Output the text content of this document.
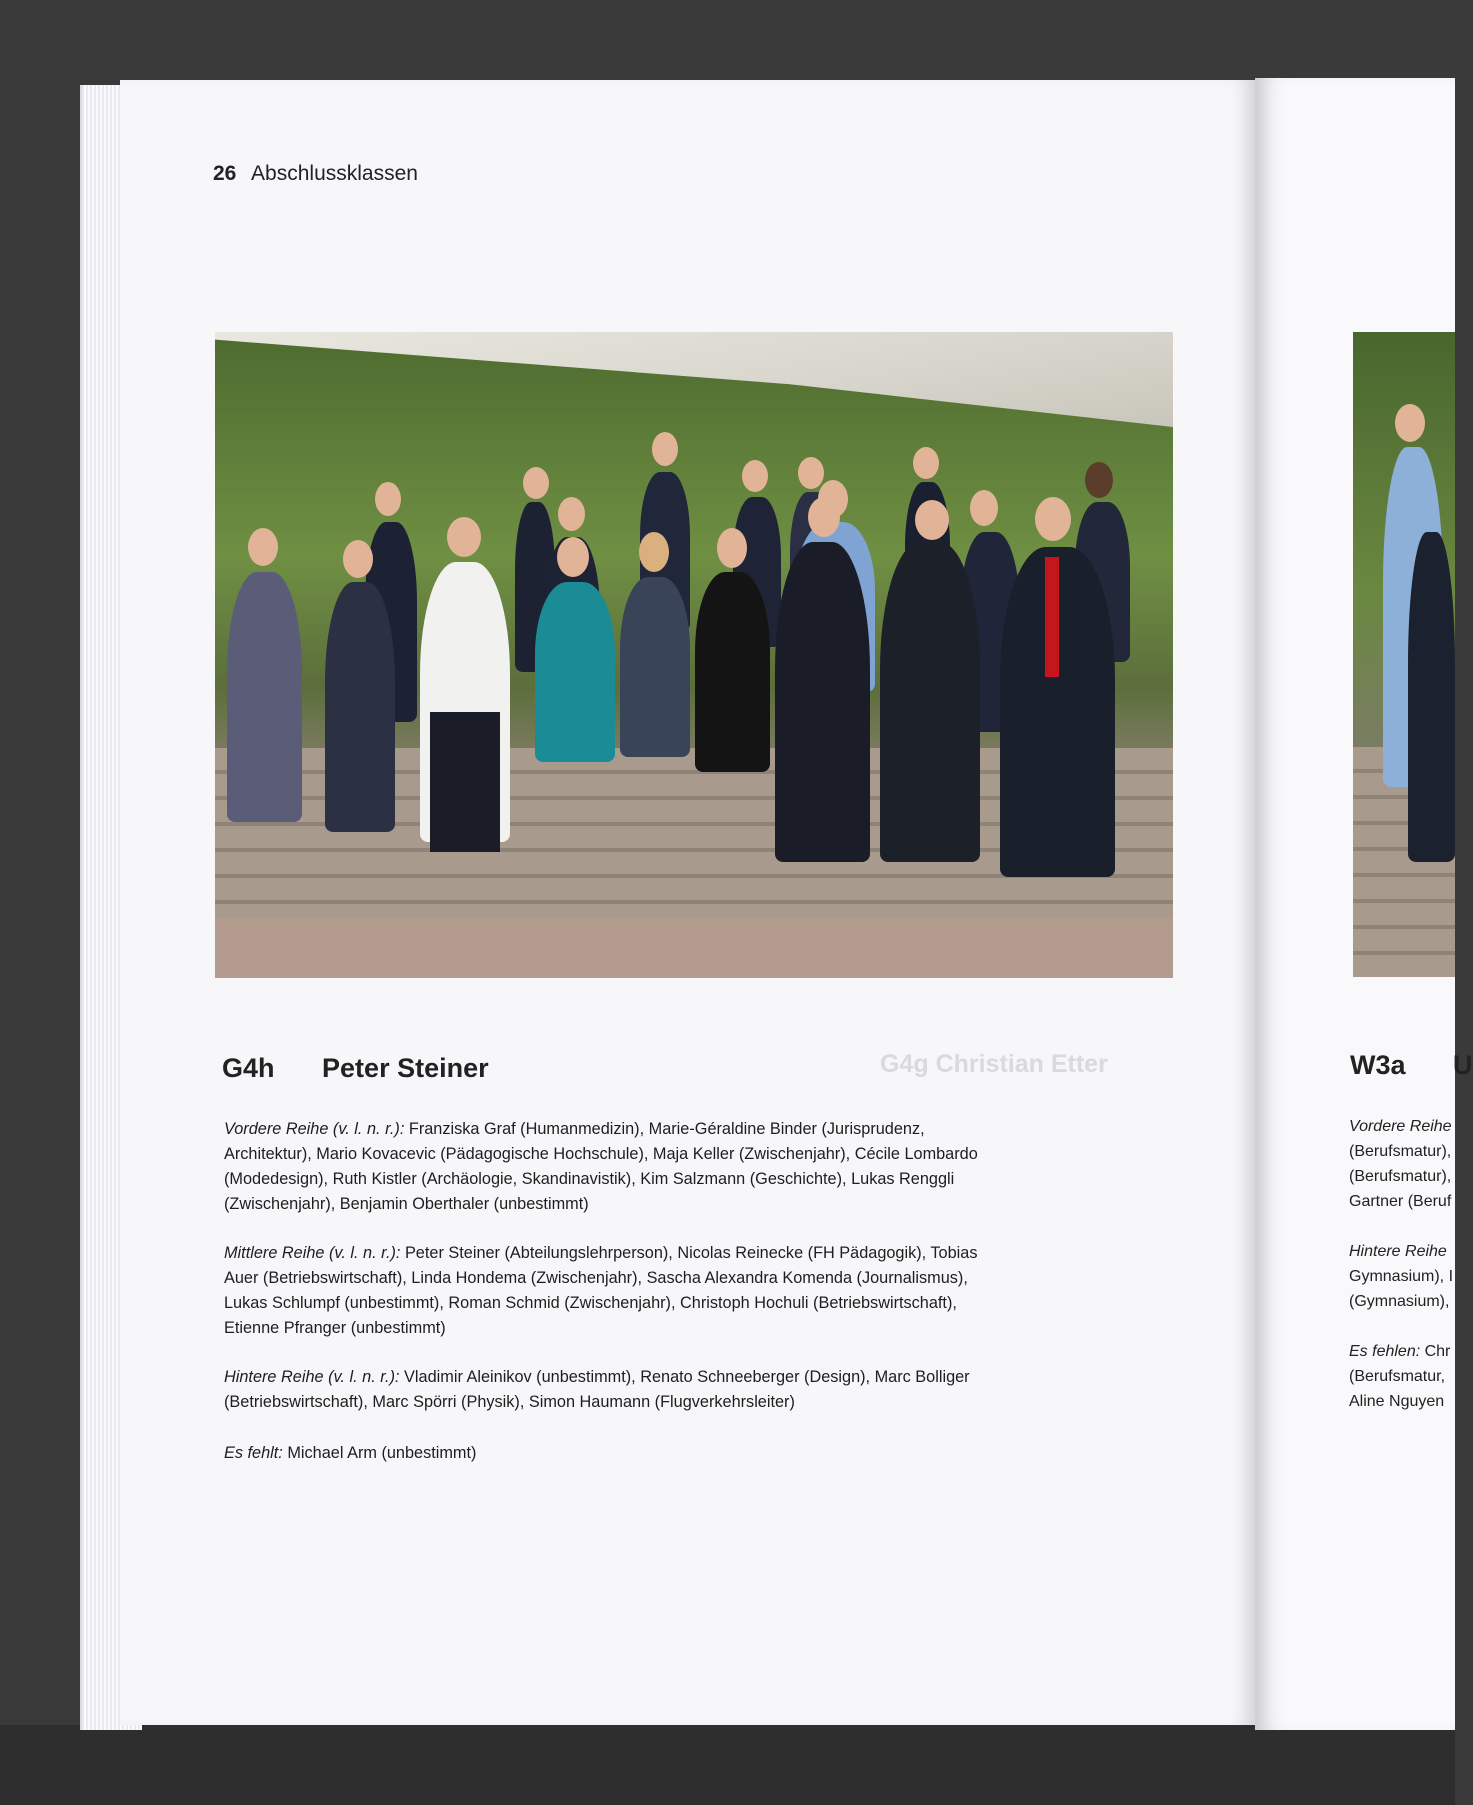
26 Abschlussklassen
G4g Christian Etter
G4h Peter Steiner
Vordere Reihe (v. l. n. r.): Franziska Graf (Humanmedizin), Marie-Géraldine Binder (Jurisprudenz, Architektur), Mario Kovacevic (Pädagogische Hochschule), Maja Keller (Zwischenjahr), Cécile Lombardo (Modedesign), Ruth Kistler (Archäologie, Skandinavistik), Kim Salzmann (Geschichte), Lukas Renggli (Zwischenjahr), Benjamin Oberthaler (unbestimmt)
Mittlere Reihe (v. l. n. r.): Peter Steiner (Abteilungslehrperson), Nicolas Reinecke (FH Pädagogik), Tobias Auer (Betriebswirtschaft), Linda Hondema (Zwischenjahr), Sascha Alexandra Komenda (Journalismus), Lukas Schlumpf (unbestimmt), Roman Schmid (Zwischenjahr), Christoph Hochuli (Betriebswirtschaft), Etienne Pfranger (unbestimmt)
Hintere Reihe (v. l. n. r.): Vladimir Aleinikov (unbestimmt), Renato Schneeberger (Design), Marc Bolliger (Betriebswirtschaft), Marc Spörri (Physik), Simon Haumann (Flugverkehrsleiter)
Es fehlt: Michael Arm (unbestimmt)
W3a U
Vordere Reihe
(Berufsmatur),
(Berufsmatur),
Gartner (Beruf
Hintere Reihe
Gymnasium), I
(Gymnasium),
Es fehlen: Chr
(Berufsmatur,
Aline Nguyen
